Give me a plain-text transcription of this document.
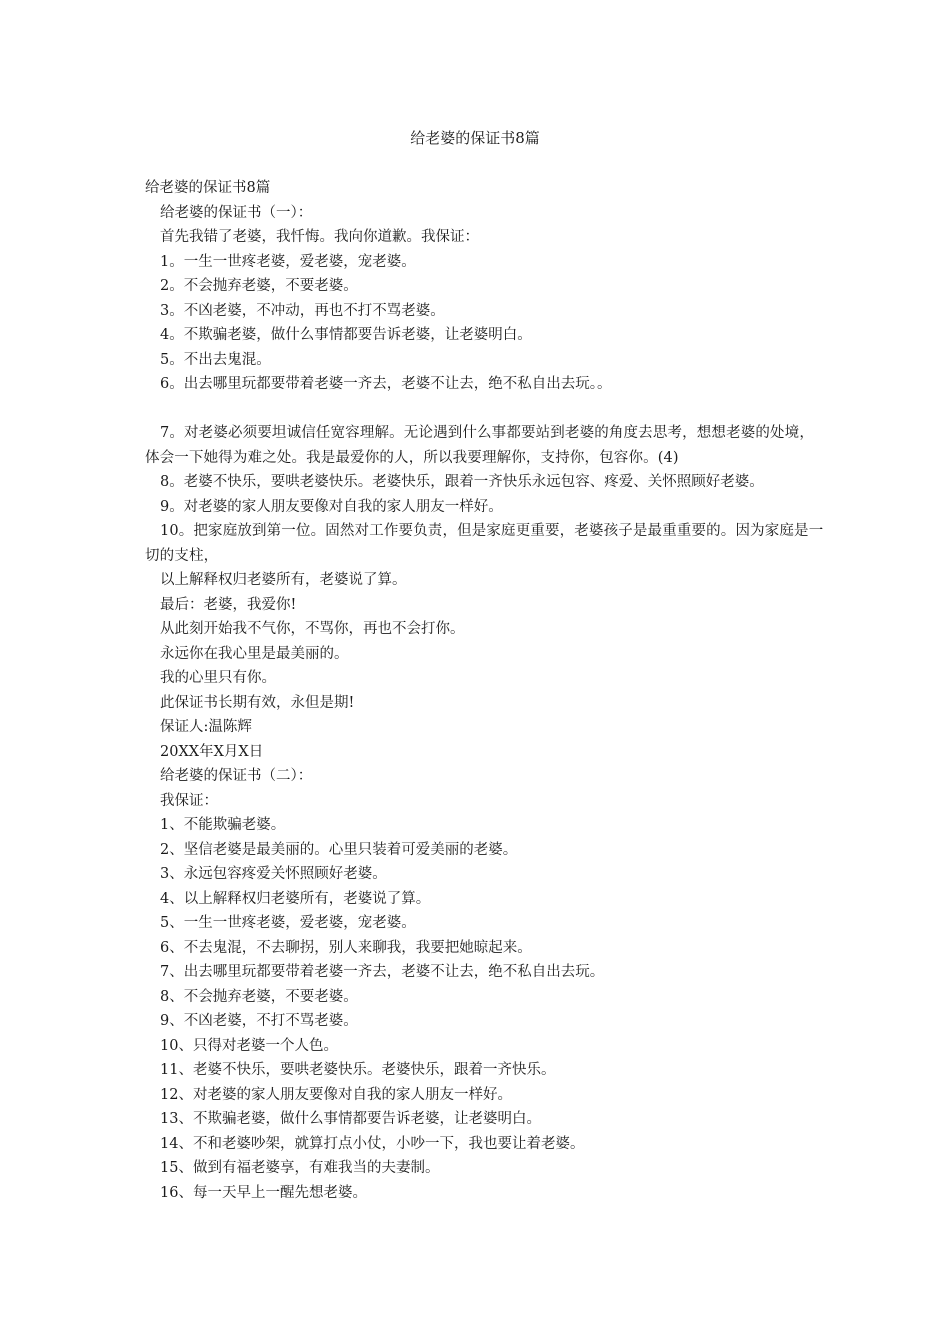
给老婆的保证书8篇
给老婆的保证书8篇
给老婆的保证书（一）：
首先我错了老婆，我忏悔。我向你道歉。我保证：
1。一生一世疼老婆，爱老婆，宠老婆。
2。不会抛弃老婆，不要老婆。
3。不凶老婆，不冲动，再也不打不骂老婆。
4。不欺骗老婆，做什么事情都要告诉老婆，让老婆明白。
5。不出去鬼混。
6。出去哪里玩都要带着老婆一齐去，老婆不让去，绝不私自出去玩。。
7。对老婆必须要坦诚信任宽容理解。无论遇到什么事都要站到老婆的角度去思考，想想老婆的处境，体会一下她得为难之处。我是最爱你的人，所以我要理解你，支持你，包容你。(4)
8。老婆不快乐，要哄老婆快乐。老婆快乐，跟着一齐快乐永远包容、疼爱、关怀照顾好老婆。
9。对老婆的家人朋友要像对自我的家人朋友一样好。
10。把家庭放到第一位。固然对工作要负责，但是家庭更重要，老婆孩子是最重重要的。因为家庭是一切的支柱，
以上解释权归老婆所有，老婆说了算。
最后：老婆，我爱你!
从此刻开始我不气你，不骂你，再也不会打你。
永远你在我心里是最美丽的。
我的心里只有你。
此保证书长期有效，永但是期!
保证人:温陈辉
20XX年X月X日
给老婆的保证书（二）：
我保证：
1、不能欺骗老婆。
2、坚信老婆是最美丽的。心里只装着可爱美丽的老婆。
3、永远包容疼爱关怀照顾好老婆。
4、以上解释权归老婆所有，老婆说了算。
5、一生一世疼老婆，爱老婆，宠老婆。
6、不去鬼混，不去聊拐，别人来聊我，我要把她晾起来。
7、出去哪里玩都要带着老婆一齐去，老婆不让去，绝不私自出去玩。
8、不会抛弃老婆，不要老婆。
9、不凶老婆，不打不骂老婆。
10、只得对老婆一个人色。
11、老婆不快乐，要哄老婆快乐。老婆快乐，跟着一齐快乐。
12、对老婆的家人朋友要像对自我的家人朋友一样好。
13、不欺骗老婆，做什么事情都要告诉老婆，让老婆明白。
14、不和老婆吵架，就算打点小仗，小吵一下，我也要让着老婆。
15、做到有福老婆享，有难我当的夫妻制。
16、每一天早上一醒先想老婆。
